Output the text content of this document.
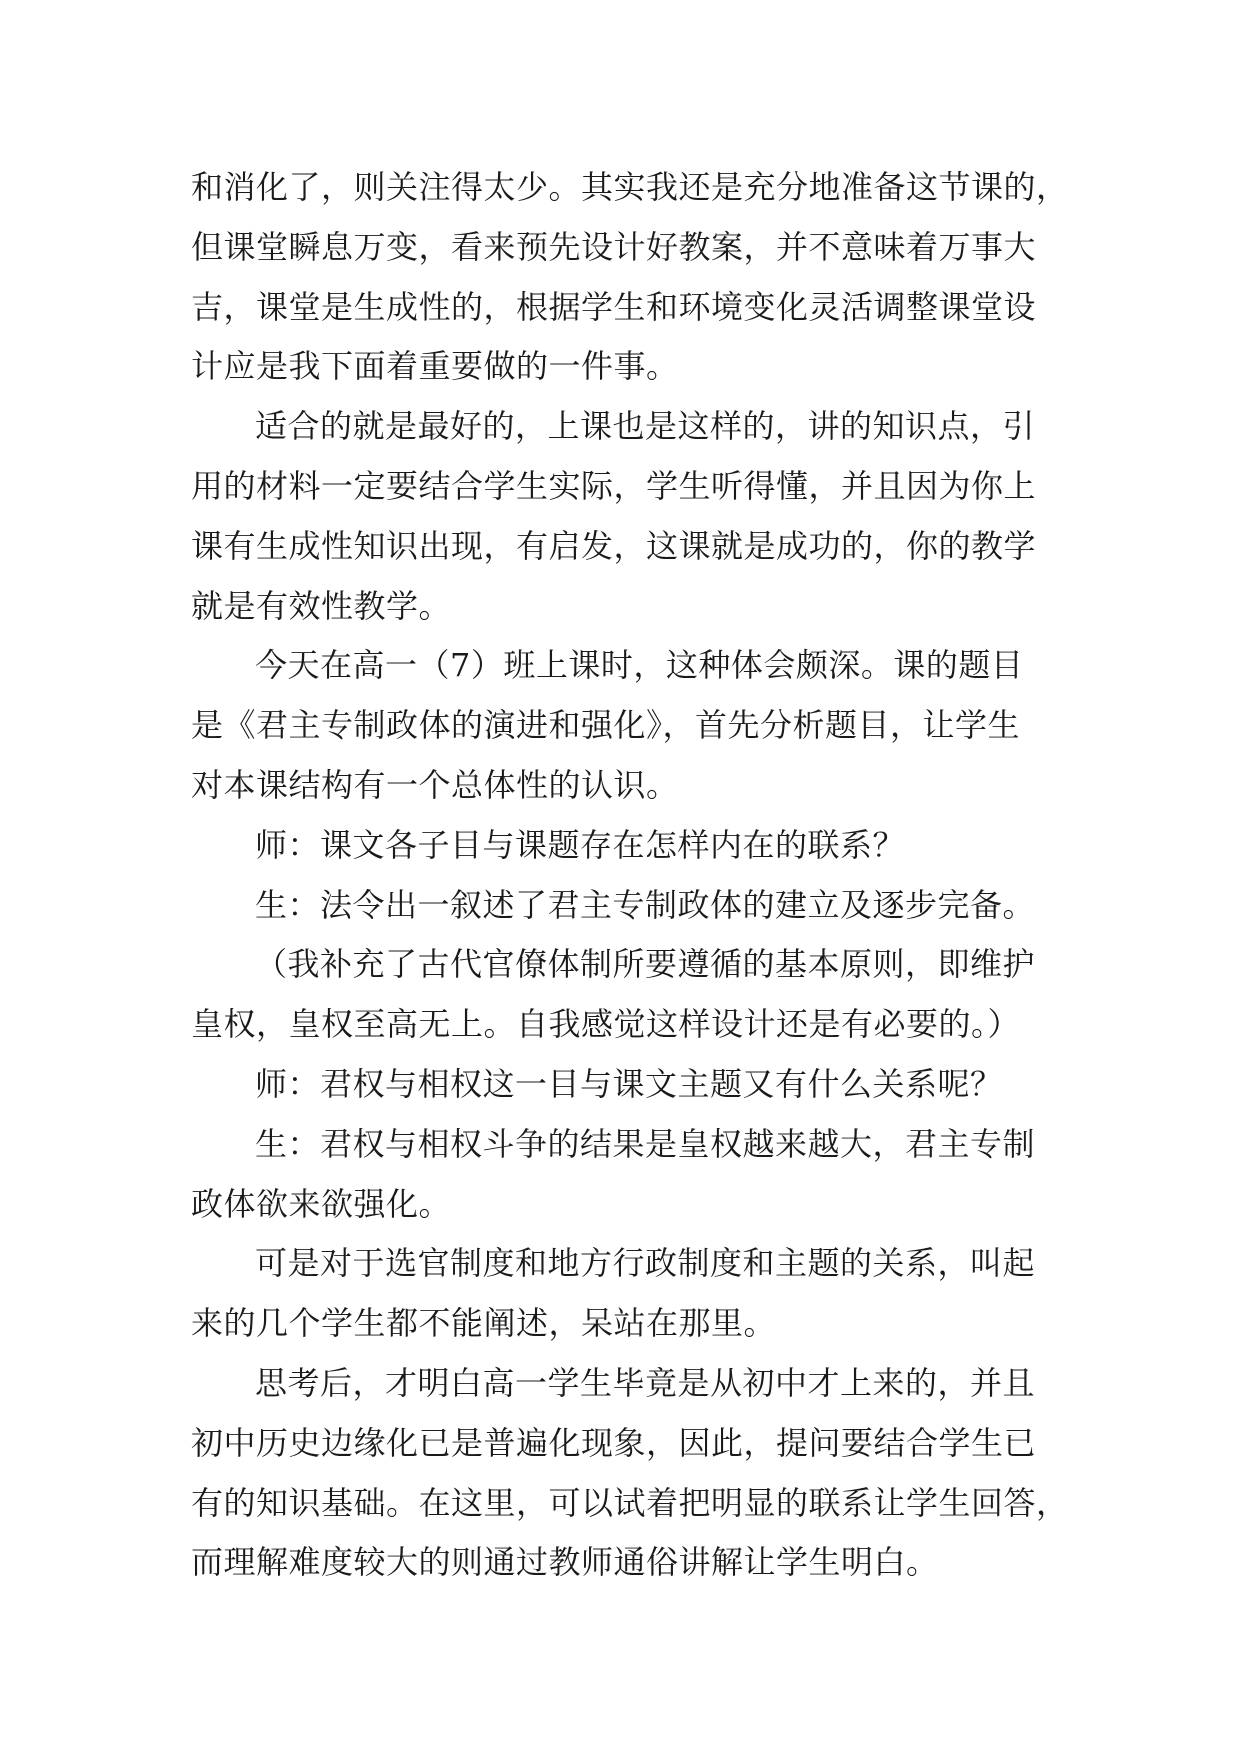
和消化了，则关注得太少。其实我还是充分地准备这节课的，
但课堂瞬息万变，看来预先设计好教案，并不意味着万事大
吉，课堂是生成性的，根据学生和环境变化灵活调整课堂设
计应是我下面着重要做的一件事。
适合的就是最好的，上课也是这样的，讲的知识点，引
用的材料一定要结合学生实际，学生听得懂，并且因为你上
课有生成性知识出现，有启发，这课就是成功的，你的教学
就是有效性教学。
今天在高一（7）班上课时，这种体会颇深。课的题目
是《君主专制政体的演进和强化》，首先分析题目，让学生
对本课结构有一个总体性的认识。
师：课文各子目与课题存在怎样内在的联系？
生：法令出一叙述了君主专制政体的建立及逐步完备。
（我补充了古代官僚体制所要遵循的基本原则，即维护
皇权，皇权至高无上。自我感觉这样设计还是有必要的。）
师：君权与相权这一目与课文主题又有什么关系呢？
生：君权与相权斗争的结果是皇权越来越大，君主专制
政体欲来欲强化。
可是对于选官制度和地方行政制度和主题的关系，叫起
来的几个学生都不能阐述，呆站在那里。
思考后，才明白高一学生毕竟是从初中才上来的，并且
初中历史边缘化已是普遍化现象，因此，提问要结合学生已
有的知识基础。在这里，可以试着把明显的联系让学生回答，
而理解难度较大的则通过教师通俗讲解让学生明白。
